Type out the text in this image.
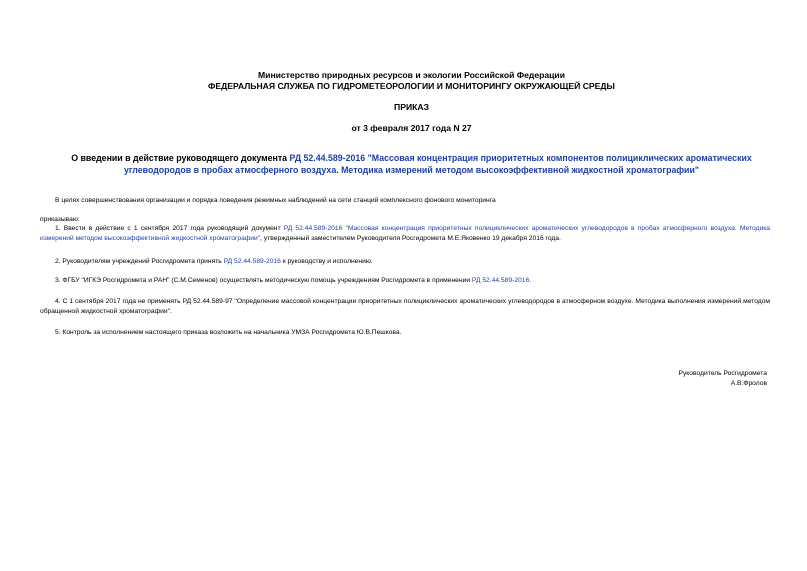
Министерство природных ресурсов и экологии Российской Федерации
ФЕДЕРАЛЬНАЯ СЛУЖБА ПО ГИДРОМЕТЕОРОЛОГИИ И МОНИТОРИНГУ ОКРУЖАЮЩЕЙ СРЕДЫ
ПРИКАЗ
от 3 февраля 2017 года N 27
О введении в действие руководящего документа РД 52.44.589-2016 "Массовая концентрация приоритетных компонентов полициклических ароматических углеводородов в пробах атмосферного воздуха. Методика измерений методом высокоэффективной жидкостной хроматографии"
В целях совершенствования организации и порядка поведения режимных наблюдений на сети станций комплексного фонового мониторинга
приказываю:
1. Ввести в действие с 1 сентября 2017 года руководящий документ РД 52.44.589-2016 "Массовая концентрация приоритетных полициклических ароматических углеводородов в пробах атмосферного воздуха. Методика измерений методом высокоэффективной жидкостной хроматографии", утвержденный заместителем Руководителя Росгидромета М.Е.Яковенко 19 декабря 2016 года.
2. Руководителям учреждений Росгидромета принять РД 52.44.589-2016 к руководству и исполнению.
3. ФГБУ "ИГКЭ Росгидромета и РАН" (С.М.Семенов) осуществлять методическую помощь учреждениям Росгидромета в применении РД 52.44.589-2016.
4. С 1 сентября 2017 года не применять РД 52.44.589-97 "Определение массовой концентрации приоритетных полициклических ароматических углеводородов в атмосферном воздухе. Методика выполнения измерений методом обращенной жидкостной хроматографии".
5. Контроль за исполнением настоящего приказа возложить на начальника УМЗА Росгидромета Ю.В.Пешкова.
Руководитель Росгидромета
А.В.Фролов
